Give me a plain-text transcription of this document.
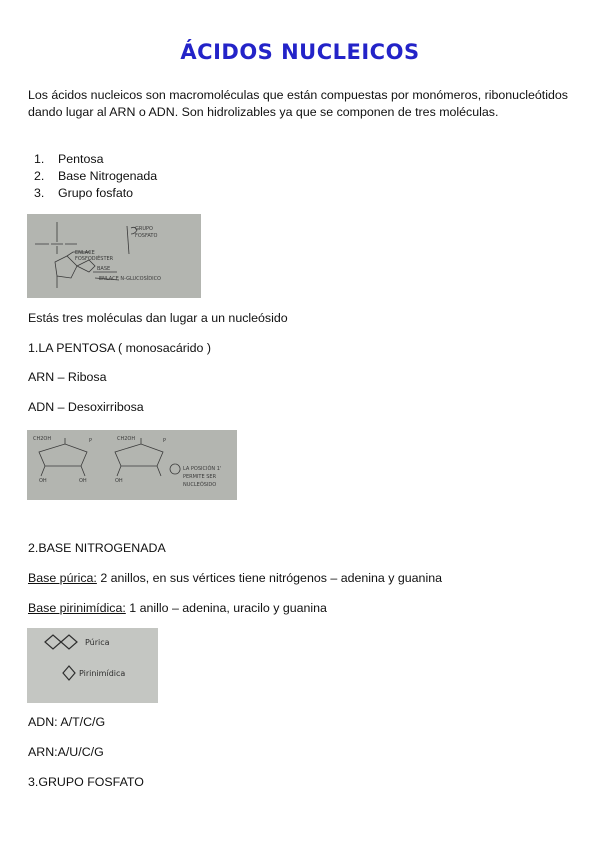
ÁCIDOS NUCLEICOS
Los ácidos nucleicos son macromoléculas que están compuestas por monómeros, ribonucleótidos dando lugar al ARN o ADN. Son hidrolizables ya que se componen de tres moléculas.
1.	Pentosa
2.	Base Nitrogenada
3.	Grupo fosfato
GRUPO
FOSFATO
ENLACE
FOSFODIÉSTER
BASE
ENLACE N-GLUCOSÍDICO
Estás tres moléculas dan lugar a un nucleósido
1.LA PENTOSA ( monosacárido )
ARN – Ribosa
ADN – Desoxirribosa
CH2OH	P
OH	OH
CH2OH	P
OH
LA POSICIÓN 1'
PERMITE SER
NUCLEÓSIDO
2.BASE NITROGENADA
Base púrica: 2 anillos, en sus vértices tiene nitrógenos – adenina y guanina
Base pirinimídica: 1 anillo – adenina, uracilo y guanina
Púrica
Pirinimídica
ADN: A/T/C/G
ARN:A/U/C/G
3.GRUPO FOSFATO
